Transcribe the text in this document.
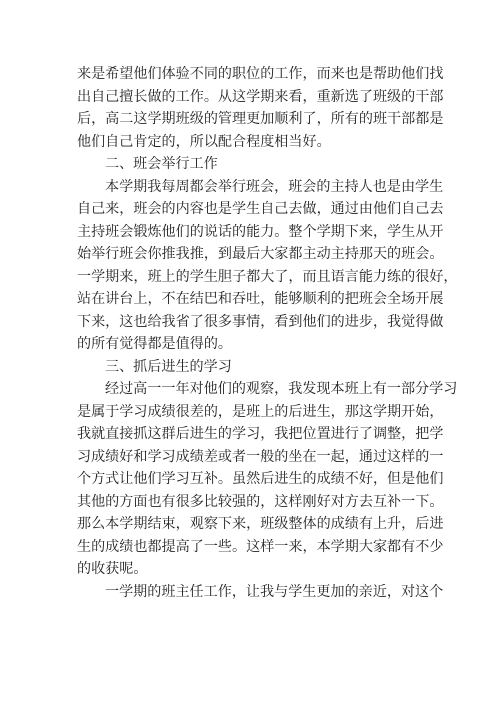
来是希望他们体验不同的职位的工作，而来也是帮助他们找
出自己擅长做的工作。从这学期来看，重新选了班级的干部
后，高二这学期班级的管理更加顺利了，所有的班干部都是
他们自己肯定的，所以配合程度相当好。
二、班会举行工作
本学期我每周都会举行班会，班会的主持人也是由学生
自己来，班会的内容也是学生自己去做，通过由他们自己去
主持班会锻炼他们的说话的能力。整个学期下来，学生从开
始举行班会你推我推，到最后大家都主动主持那天的班会。
一学期来，班上的学生胆子都大了，而且语言能力练的很好，
站在讲台上，不在结巴和吞吐，能够顺利的把班会全场开展
下来，这也给我省了很多事情，看到他们的进步，我觉得做
的所有觉得都是值得的。
三、抓后进生的学习
经过高一一年对他们的观察，我发现本班上有一部分学习
是属于学习成绩很差的，是班上的后进生，那这学期开始，
我就直接抓这群后进生的学习，我把位置进行了调整，把学
习成绩好和学习成绩差或者一般的坐在一起，通过这样的一
个方式让他们学习互补。虽然后进生的成绩不好，但是他们
其他的方面也有很多比较强的，这样刚好对方去互补一下。
那么本学期结束，观察下来，班级整体的成绩有上升，后进
生的成绩也都提高了一些。这样一来，本学期大家都有不少
的收获呢。
一学期的班主任工作，让我与学生更加的亲近，对这个
